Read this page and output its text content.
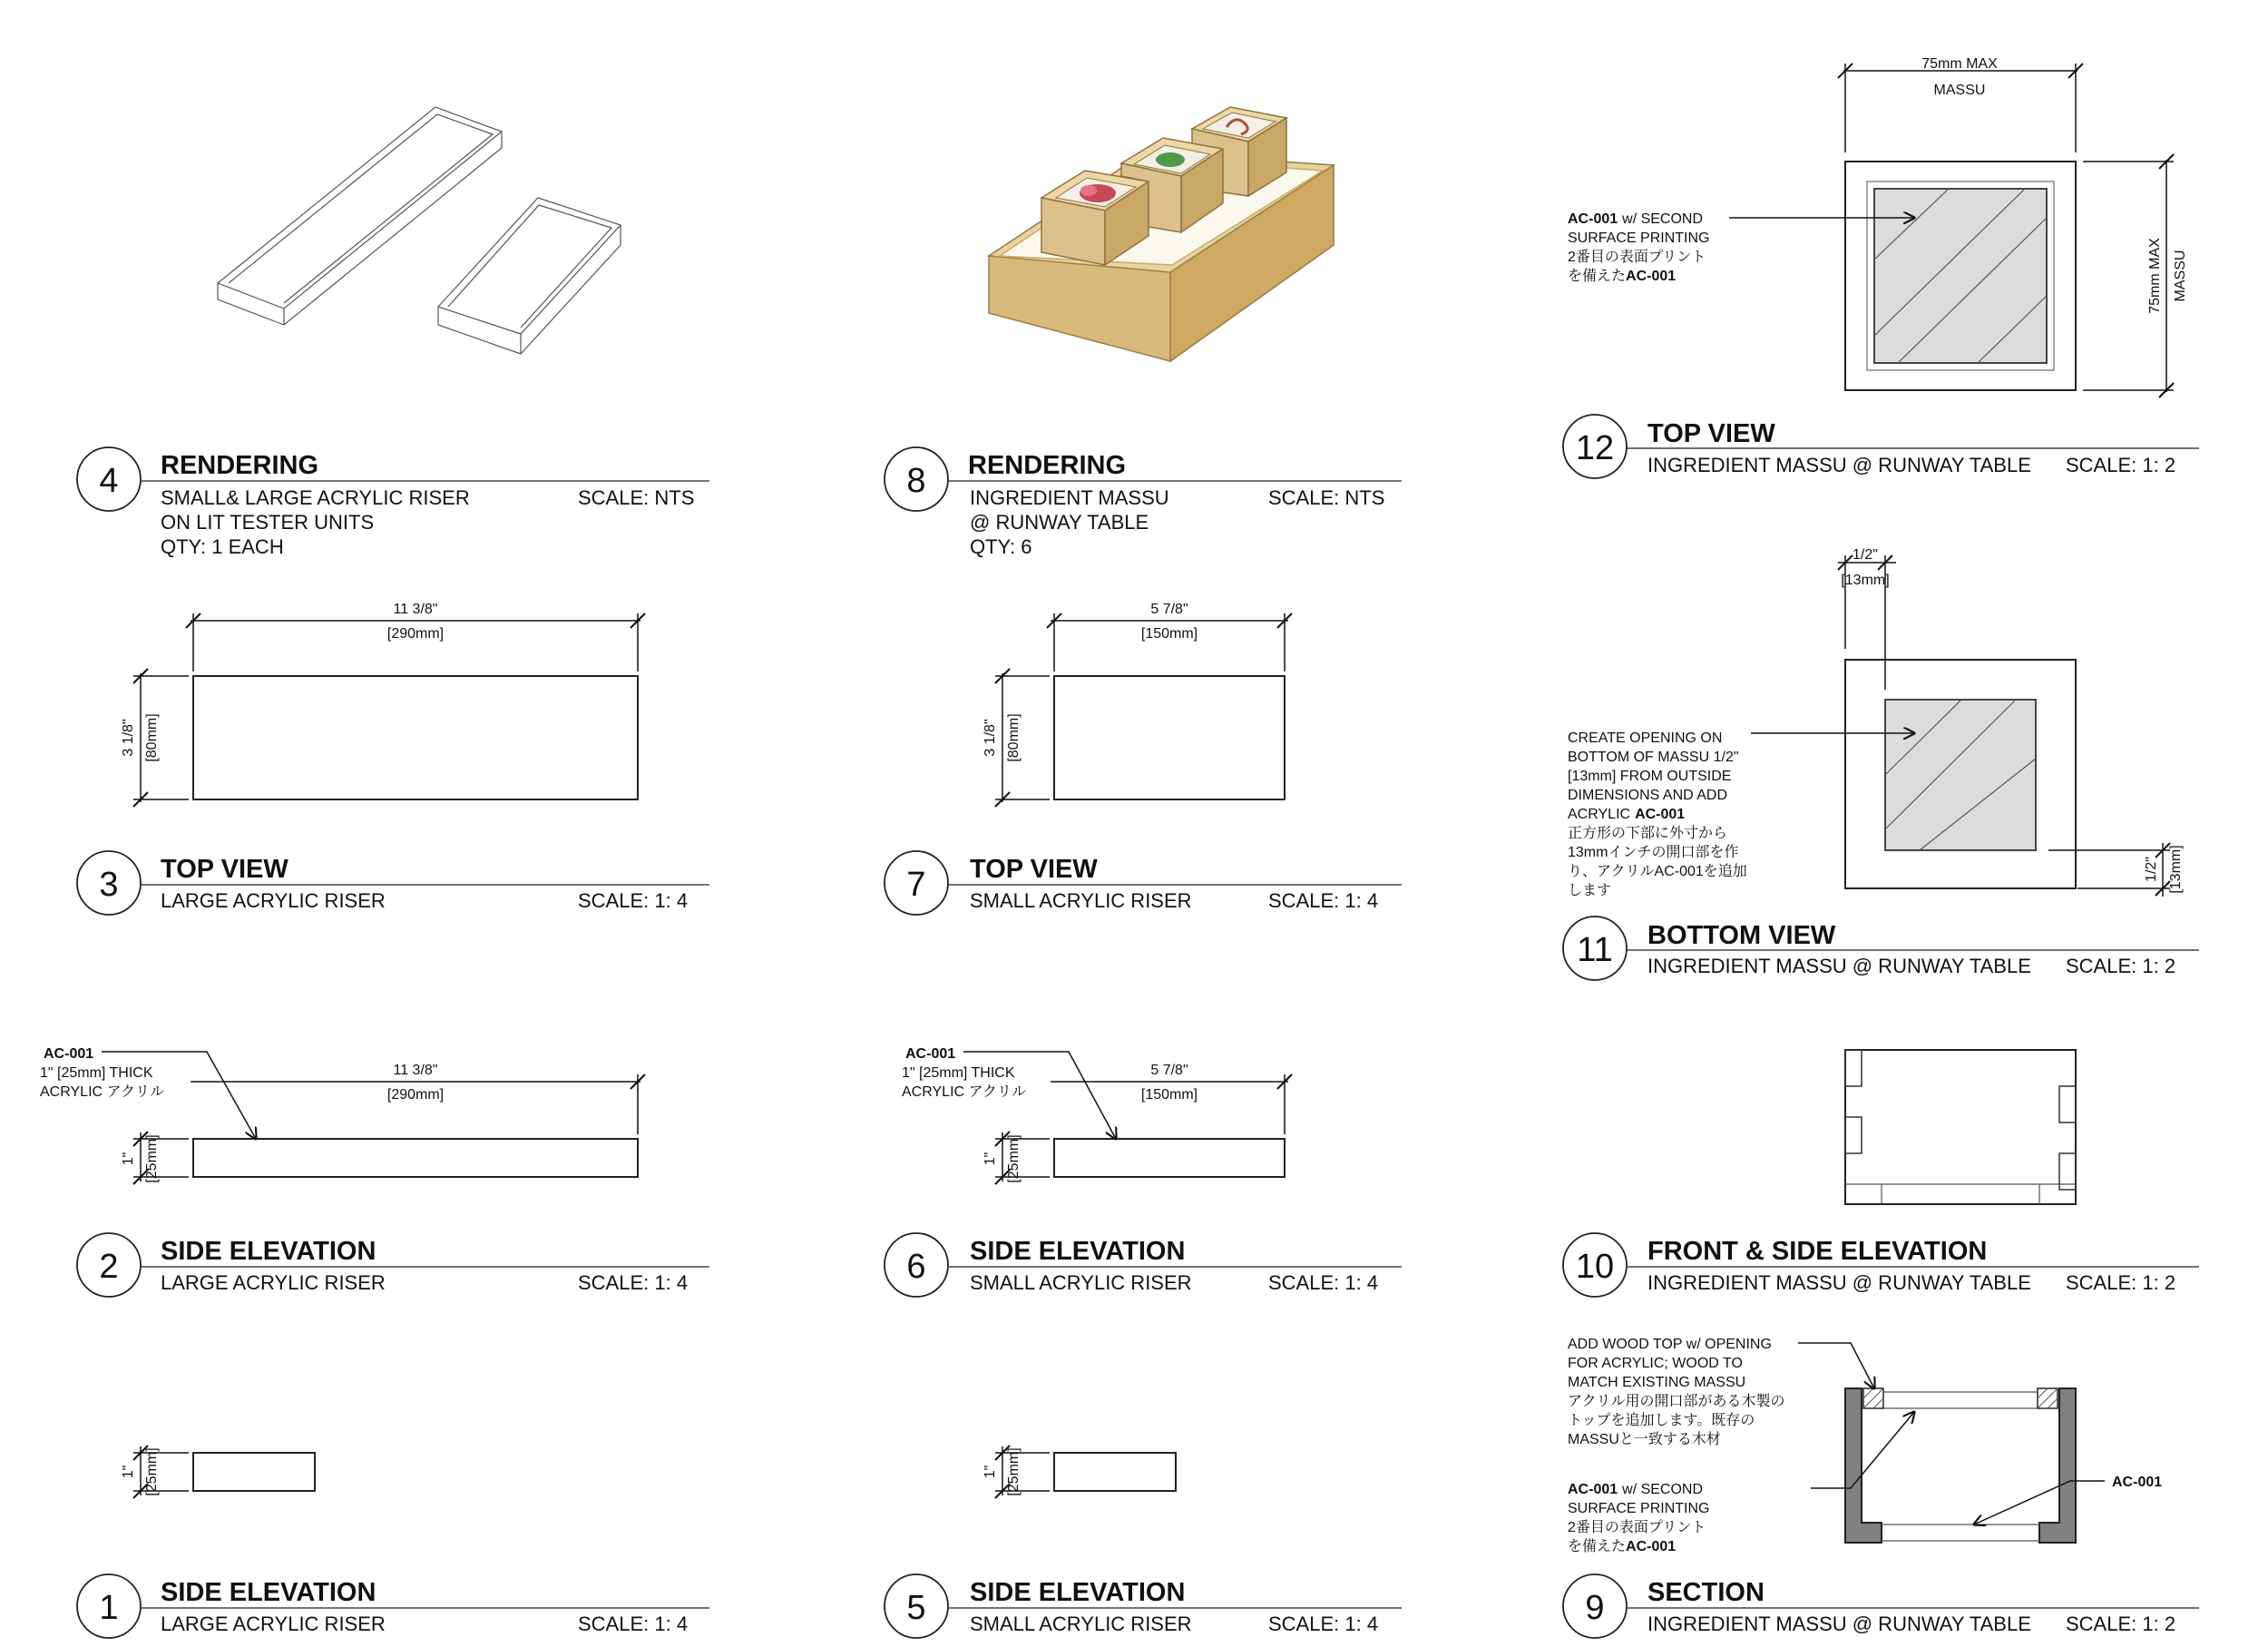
4 RENDERING
SMALL& LARGE ACRYLIC RISER
ON LIT TESTER UNITS
QTY: 1 EACH
SCALE: NTS	8 RENDERING
INGREDIENT MASSU
@ RUNWAY TABLE
QTY: 6
SCALE: NTS
75mm MAX
MASSU
75mm MAX MASSU
AC-001 w/ SECOND
SURFACE PRINTING
2番目の表面プリント
を備えたAC-001
12 TOP VIEW
INGREDIENT MASSU @ RUNWAY TABLE SCALE: 1: 2
11 3/8"
[290mm]
3 1/8" [80mm]
3 TOP VIEW
LARGE ACRYLIC RISER	SCALE: 1: 4
5 7/8"
[150mm]
3 1/8" [80mm]
7 TOP VIEW
SMALL ACRYLIC RISER	SCALE: 1: 4
1/2"
[13mm]
1/2" [13mm]
CREATE OPENING ON
BOTTOM OF MASSU 1/2"
[13mm] FROM OUTSIDE
DIMENSIONS AND ADD
ACRYLIC AC-001
正方形の下部に外寸から
13mmインチの開口部を作
り、アクリルAC-001を追加
します
11 BOTTOM VIEW
INGREDIENT MASSU @ RUNWAY TABLE SCALE: 1: 2
11 3/8"
[290mm]
1" [25mm]
AC-001
1" [25mm] THICK
ACRYLIC アクリル
2 SIDE ELEVATION
LARGE ACRYLIC RISER	SCALE: 1: 4
5 7/8"
[150mm]
1" [25mm]
AC-001
1" [25mm] THICK
ACRYLIC アクリル
6 SIDE ELEVATION
SMALL ACRYLIC RISER	SCALE: 1: 4	10 FRONT & SIDE ELEVATION
INGREDIENT MASSU @ RUNWAY TABLE SCALE: 1: 2
1" [25mm]
1 SIDE ELEVATION
LARGE ACRYLIC RISER	SCALE: 1: 4
1" [25mm]
5 SIDE ELEVATION
SMALL ACRYLIC RISER	SCALE: 1: 4
AC-001
ADD WOOD TOP w/ OPENING
FOR ACRYLIC; WOOD TO
MATCH EXISTING MASSU
アクリル用の開口部がある木製の
トップを追加します。既存の
MASSUと一致する木材
AC-001 w/ SECOND
SURFACE PRINTING
2番目の表面プリント
を備えたAC-001
9 SECTION
INGREDIENT MASSU @ RUNWAY TABLE SCALE: 1: 2
